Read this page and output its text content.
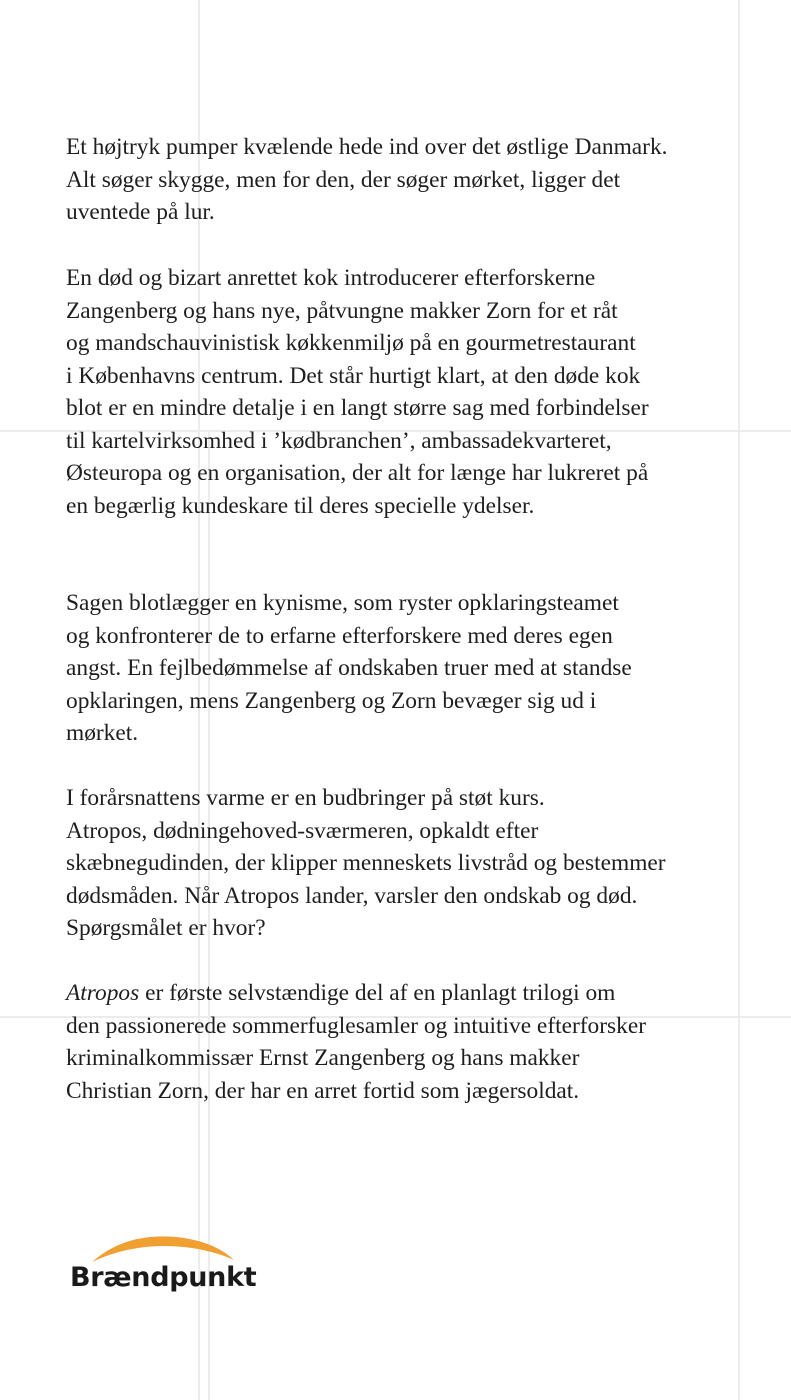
Et højtryk pumper kvælende hede ind over det østlige Danmark.
Alt søger skygge, men for den, der søger mørket, ligger det
uventede på lur.

En død og bizart anrettet kok introducerer efterforskerne
Zangenberg og hans nye, påtvungne makker Zorn for et råt
og mandschauvinistisk køkkenmiljø på en gourmetrestaurant
i Københavns centrum. Det står hurtigt klart, at den døde kok
blot er en mindre detalje i en langt større sag med forbindelser
til kartelvirksomhed i ’kødbranchen’, ambassadekvarteret,
Østeuropa og en organisation, der alt for længe har lukreret på
en begærlig kundeskare til deres specielle ydelser.

Sagen blotlægger en kynisme, som ryster opklaringsteamet
og konfronterer de to erfarne efterforskere med deres egen
angst. En fejlbedømmelse af ondskaben truer med at standse
opklaringen, mens Zangenberg og Zorn bevæger sig ud i
mørket.

I forårsnattens varme er en budbringer på støt kurs.
Atropos, dødningehoved-sværmeren, opkaldt efter
skæbnegudinden, der klipper menneskets livstråd og bestemmer
dødsmåden. Når Atropos lander, varsler den ondskab og død.
Spørgsmålet er hvor?

Atropos er første selvstændige del af en planlagt trilogi om
den passionerede sommerfuglesamler og intuitive efterforsker
kriminalkommissær Ernst Zangenberg og hans makker
Christian Zorn, der har en arret fortid som jægersoldat.

Brændpunkt
